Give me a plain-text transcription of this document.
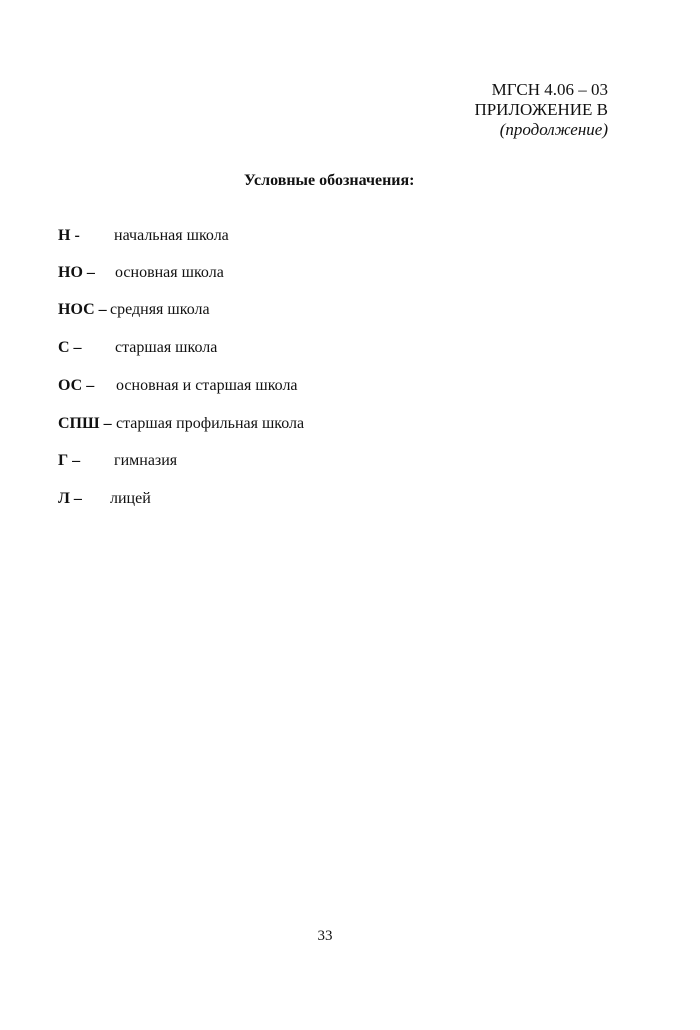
МГСН 4.06 – 03
ПРИЛОЖЕНИЕ В
(продолжение)
Условные обозначения:
Н - начальная школа
НО – основная школа
НОС – средняя школа
С – старшая школа
ОС – основная и старшая школа
СПШ – старшая профильная школа
Г – гимназия
Л – лицей
33
